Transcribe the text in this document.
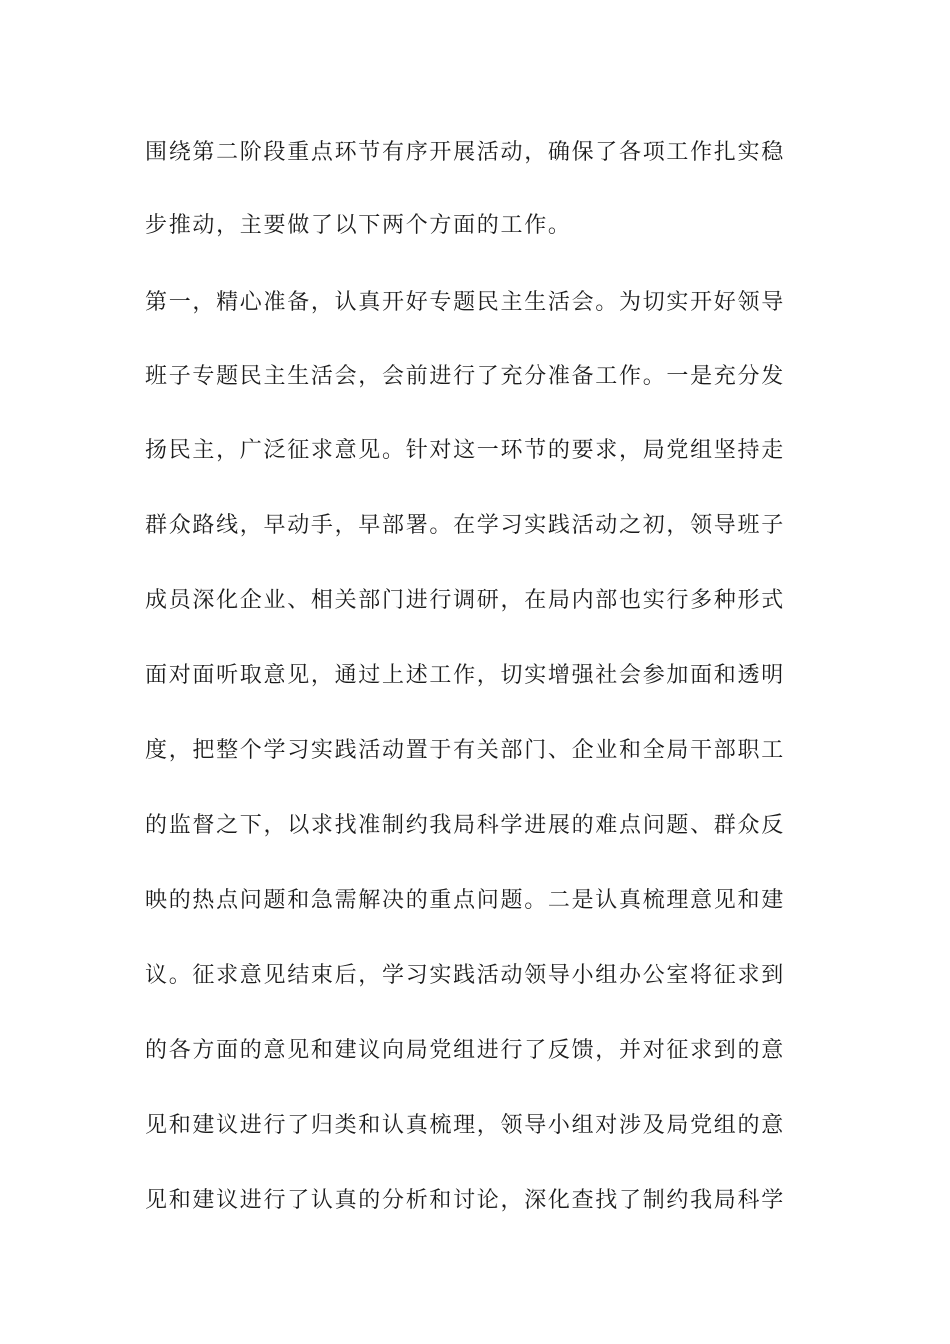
围绕第二阶段重点环节有序开展活动，确保了各项工作扎实稳
步推动，主要做了以下两个方面的工作。
第一，精心准备，认真开好专题民主生活会。为切实开好领导
班子专题民主生活会，会前进行了充分准备工作。一是充分发
扬民主，广泛征求意见。针对这一环节的要求，局党组坚持走
群众路线，早动手，早部署。在学习实践活动之初，领导班子
成员深化企业、相关部门进行调研，在局内部也实行多种形式
面对面听取意见，通过上述工作，切实增强社会参加面和透明
度，把整个学习实践活动置于有关部门、企业和全局干部职工
的监督之下，以求找准制约我局科学进展的难点问题、群众反
映的热点问题和急需解决的重点问题。二是认真梳理意见和建
议。征求意见结束后，学习实践活动领导小组办公室将征求到
的各方面的意见和建议向局党组进行了反馈，并对征求到的意
见和建议进行了归类和认真梳理，领导小组对涉及局党组的意
见和建议进行了认真的分析和讨论，深化查找了制约我局科学
